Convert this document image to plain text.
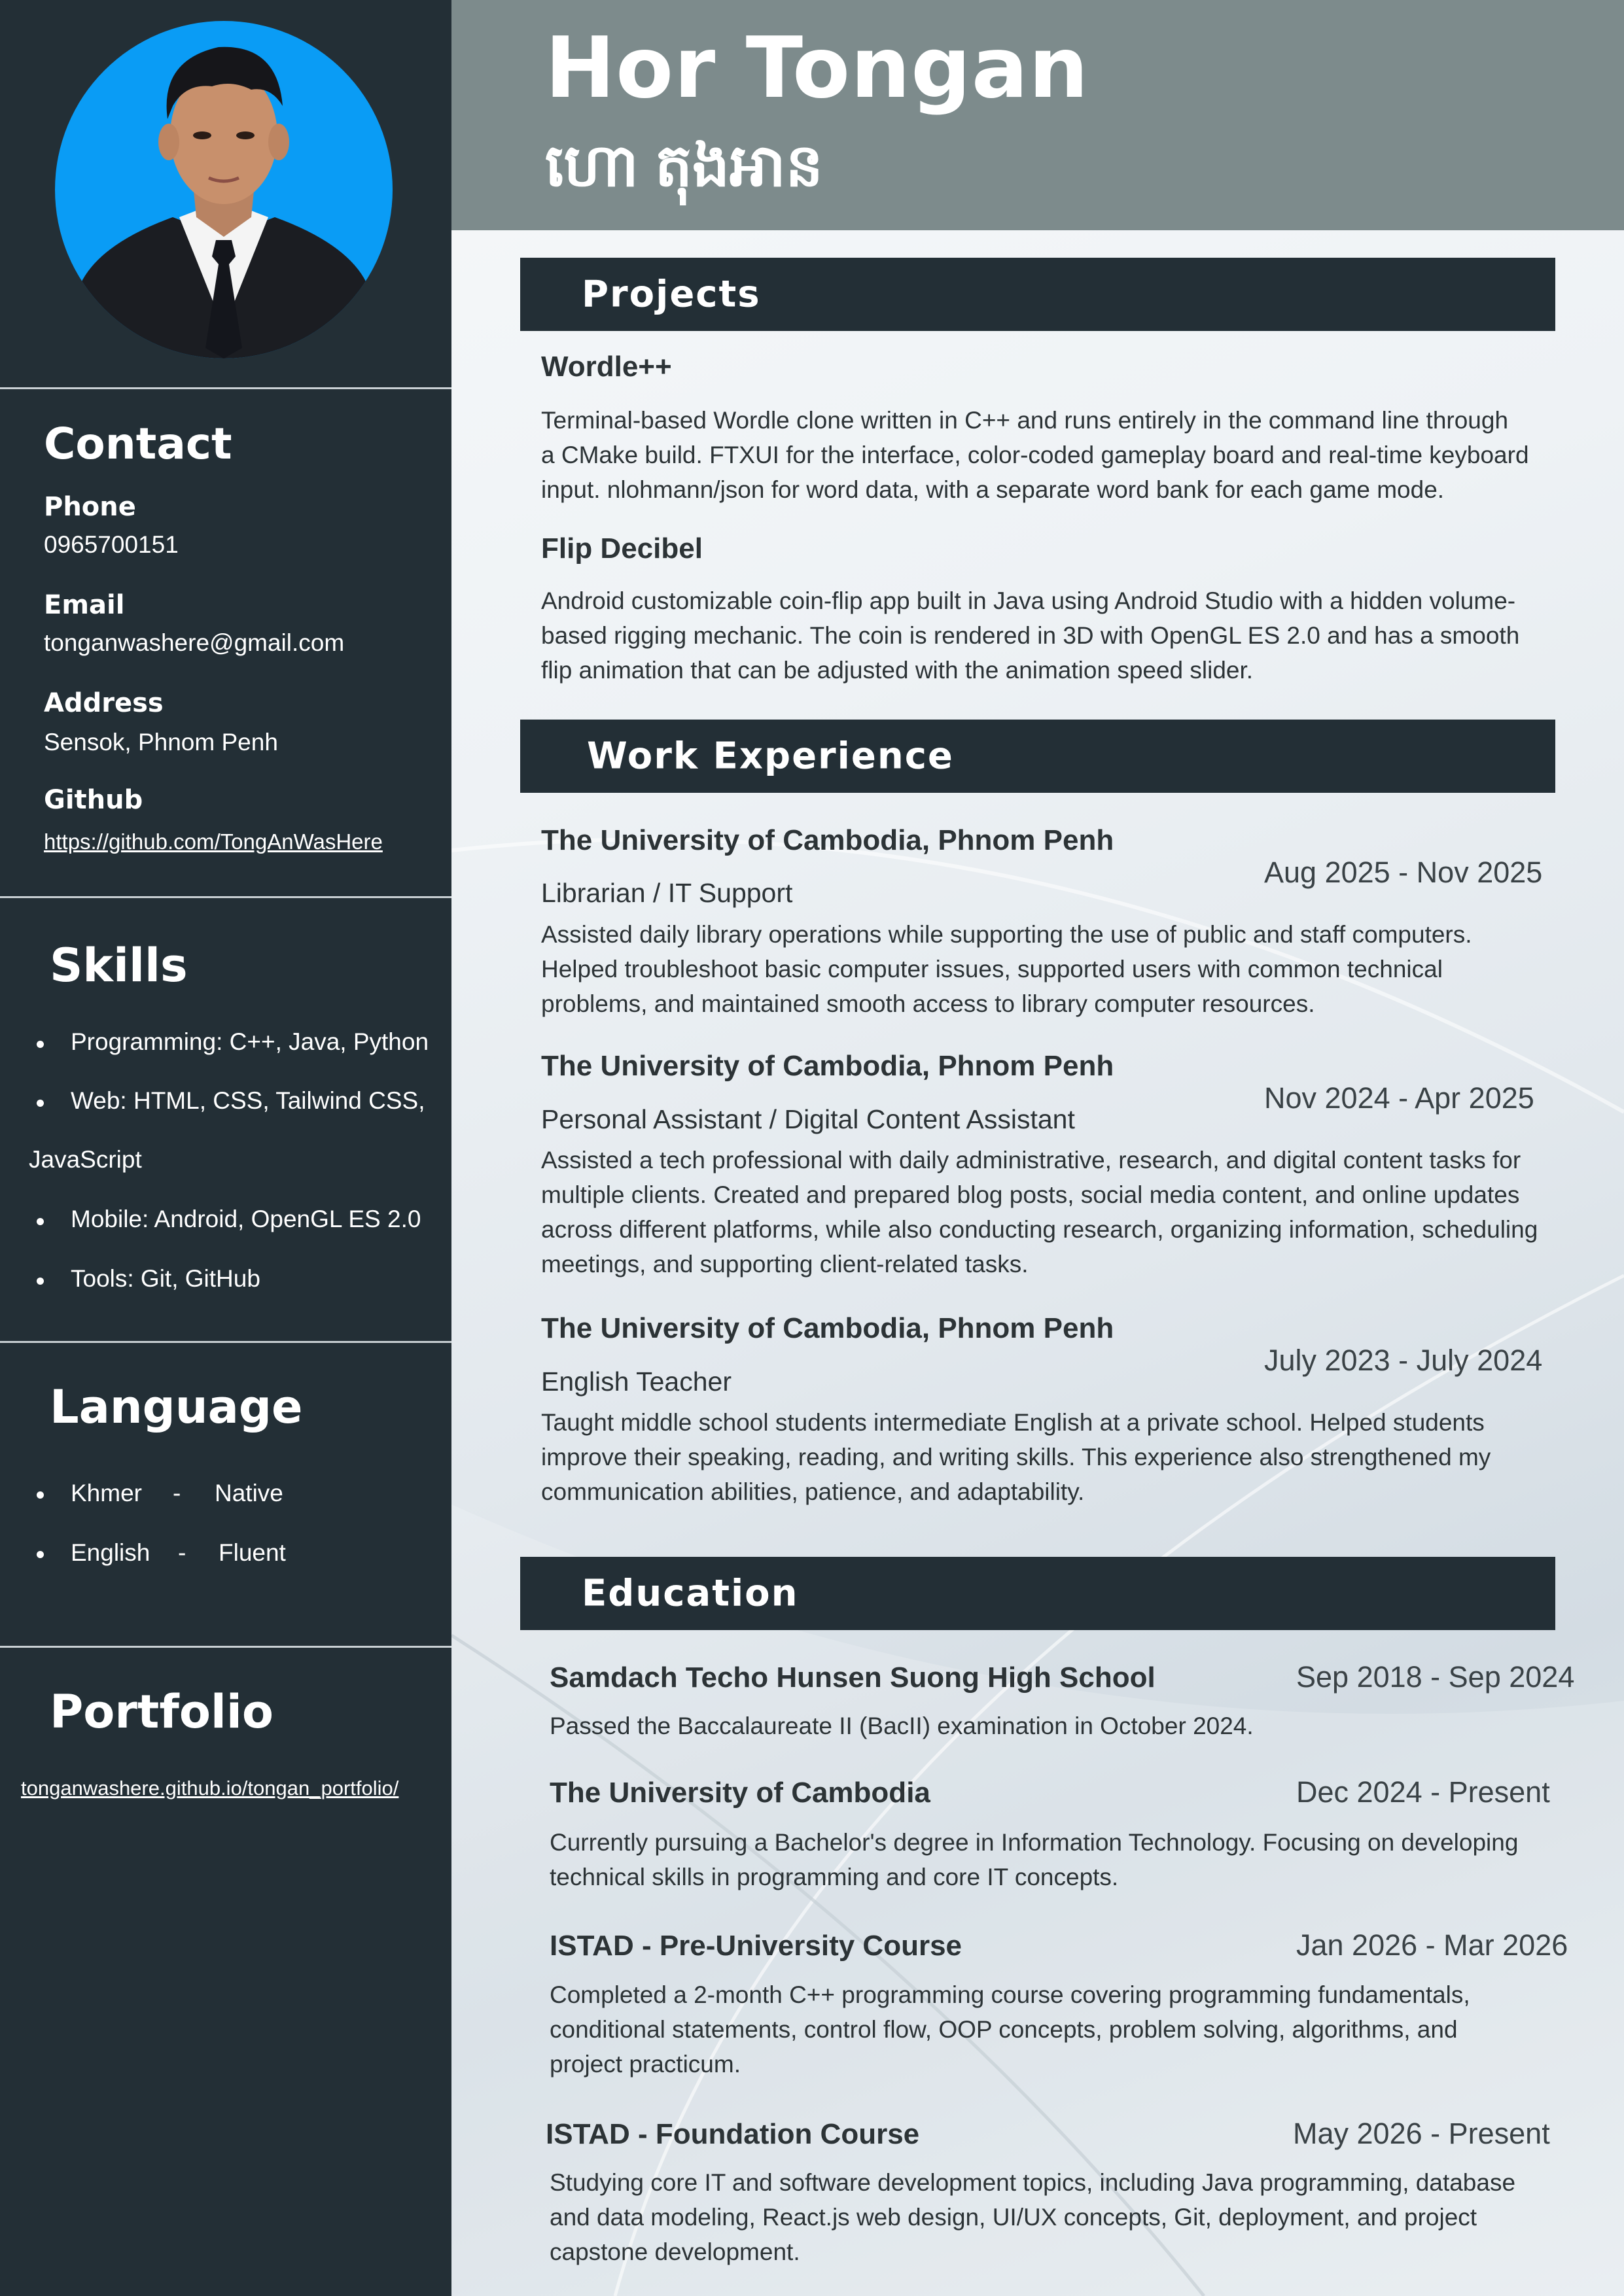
Contact
Phone
0965700151
Email
tonganwashere@gmail.com
Address
Sensok, Phnom Penh
Github
https://github.com/TongAnWasHere
Skills
Programming: C++, Java, Python
Web: HTML, CSS, Tailwind CSS,
JavaScript
Mobile: Android, OpenGL ES 2.0
Tools: Git, GitHub
Language
Khmer - Native
English - Fluent
Portfolio
tonganwashere.github.io/tongan_portfolio/
Hor Tongan
ហោ តុងអាន
Projects
Wordle++
Terminal-based Wordle clone written in C++ and runs entirely in the command line through
a CMake build. FTXUI for the interface, color-coded gameplay board and real-time keyboard
input. nlohmann/json for word data, with a separate word bank for each game mode.
Flip Decibel
Android customizable coin-flip app built in Java using Android Studio with a hidden volume-
based rigging mechanic. The coin is rendered in 3D with OpenGL ES 2.0 and has a smooth
flip animation that can be adjusted with the animation speed slider.
Work Experience
The University of Cambodia, Phnom Penh
Aug 2025 - Nov 2025
Librarian / IT Support
Assisted daily library operations while supporting the use of public and staff computers.
Helped troubleshoot basic computer issues, supported users with common technical
problems, and maintained smooth access to library computer resources.
The University of Cambodia, Phnom Penh
Nov 2024 - Apr 2025
Personal Assistant / Digital Content Assistant
Assisted a tech professional with daily administrative, research, and digital content tasks for
multiple clients. Created and prepared blog posts, social media content, and online updates
across different platforms, while also conducting research, organizing information, scheduling
meetings, and supporting client-related tasks.
The University of Cambodia, Phnom Penh
July 2023 - July 2024
English Teacher
Taught middle school students intermediate English at a private school. Helped students
improve their speaking, reading, and writing skills. This experience also strengthened my
communication abilities, patience, and adaptability.
Education
Samdach Techo Hunsen Suong High School	Sep 2018 - Sep 2024
Passed the Baccalaureate II (BacII) examination in October 2024.
The University of Cambodia	Dec 2024 - Present
Currently pursuing a Bachelor's degree in Information Technology. Focusing on developing
technical skills in programming and core IT concepts.
ISTAD - Pre-University Course	Jan 2026 - Mar 2026
Completed a 2-month C++ programming course covering programming fundamentals,
conditional statements, control flow, OOP concepts, problem solving, algorithms, and
project practicum.
ISTAD - Foundation Course	May 2026 - Present
Studying core IT and software development topics, including Java programming, database
and data modeling, React.js web design, UI/UX concepts, Git, deployment, and project
capstone development.
